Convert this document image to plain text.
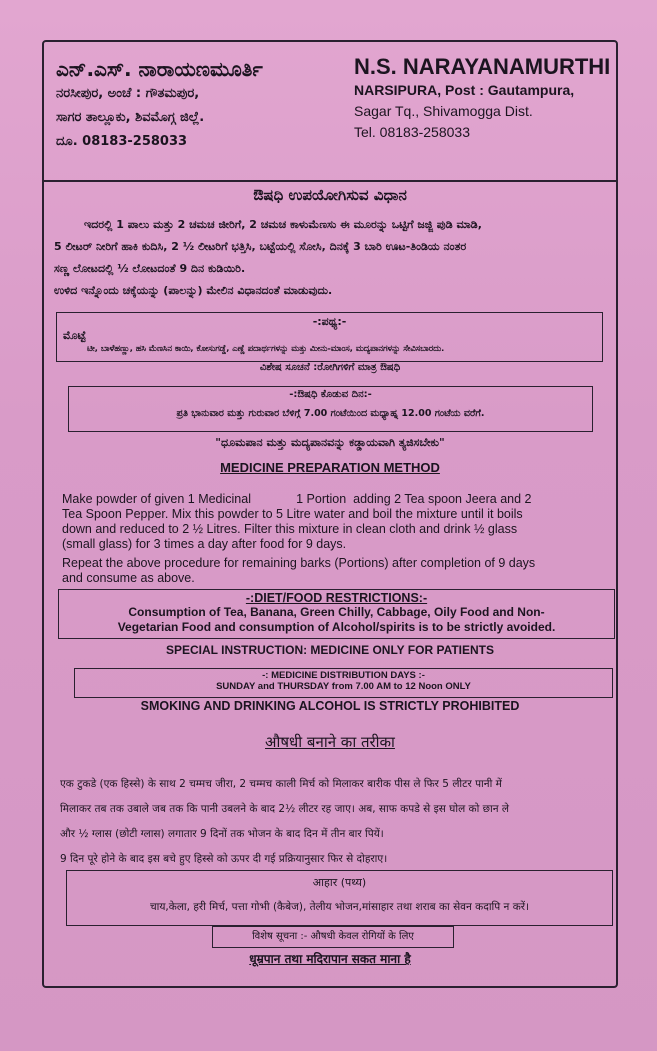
ಎನ್.ಎಸ್. ನಾರಾಯಣಮೂರ್ತಿ
ನರಸೀಪುರ, ಅಂಚೆ : ಗೌತಮಪುರ,
ಸಾಗರ ತಾಲ್ಲೂಕು, ಶಿವಮೊಗ್ಗ ಜಿಲ್ಲೆ.
ದೂ. 08183-258033
N.S. NARAYANAMURTHI
NARSIPURA, Post : Gautampura,
Sagar Tq., Shivamogga Dist.
Tel. 08183-258033
ಔಷಧಿ ಉಪಯೋಗಿಸುವ ವಿಧಾನ
ಇದರಲ್ಲಿ 1 ಪಾಲು ಮತ್ತು 2 ಚಮಚ ಜೀರಿಗೆ, 2 ಚಮಚ ಕಾಳುಮೆಣಸು ಈ ಮೂರನ್ನು ಒಟ್ಟಿಗೆ ಜಜ್ಜಿ ಪುಡಿ ಮಾಡಿ,
5 ಲೀಟರ್ ನೀರಿಗೆ ಹಾಕಿ ಕುದಿಸಿ, 2 ½ ಲೀಟರಿಗೆ ಭತ್ತಿಸಿ, ಬಟ್ಟೆಯಲ್ಲಿ ಸೋಸಿ, ದಿನಕ್ಕೆ 3 ಬಾರಿ ಊಟ-ತಿಂಡಿಯ ನಂತರ
ಸಣ್ಣ ಲೋಟದಲ್ಲಿ ½ ಲೋಟದಂತೆ 9 ದಿನ ಕುಡಿಯಿರಿ.
ಉಳಿದ ಇನ್ನೊಂದು ಚಕ್ಕೆಯನ್ನು (ಪಾಲನ್ನು) ಮೇಲಿನ ವಿಧಾನದಂತೆ ಮಾಡುವುದು.
-:ಪಥ್ಯ:-
ಮೊಟ್ಟೆ
ಟೀ, ಬಾಳೆಹಣ್ಣು, ಹಸಿ ಮೆಣಸಿನ ಕಾಯಿ, ಕೋಸುಗಡ್ಡೆ, ಎಣ್ಣೆ ಪದಾರ್ಥಗಳನ್ನು ಮತ್ತು ಮೀನು-ಮಾಂಸ, ಮದ್ಯಪಾನಗಳನ್ನು ಸೇವಿಸಬಾರದು.
ವಿಶೇಷ ಸೂಚನೆ :ರೋಗಿಗಳಿಗೆ ಮಾತ್ರ ಔಷಧಿ
-:ಔಷಧಿ ಕೊಡುವ ದಿನ:-
ಪ್ರತಿ ಭಾನುವಾರ ಮತ್ತು ಗುರುವಾರ ಬೆಳಿಗ್ಗೆ 7.00 ಗಂಟೆಯಿಂದ ಮಧ್ಯಾಹ್ನ 12.00 ಗಂಟೆಯ ವರೆಗೆ.
"ಧೂಮಪಾನ ಮತ್ತು ಮದ್ಯಪಾನವನ್ನು ಕಡ್ಡಾಯವಾಗಿ ತ್ಯಜಿಸಬೇಕು"
MEDICINE PREPARATION METHOD
Make powder of given 1 Medicinal             1 Portion  adding 2 Tea spoon Jeera and 2
Tea Spoon Pepper. Mix this powder to 5 Litre water and boil the mixture until it boils
down and reduced to 2 ½ Litres. Filter this mixture in clean cloth and drink ½ glass
(small glass) for 3 times a day after food for 9 days.
Repeat the above procedure for remaining barks (Portions) after completion of 9 days
and consume as above.
-:DIET/FOOD RESTRICTIONS:-
Consumption of Tea, Banana, Green Chilly, Cabbage, Oily Food and Non-
Vegetarian Food and consumption of Alcohol/spirits is to be strictly avoided.
SPECIAL INSTRUCTION: MEDICINE ONLY FOR PATIENTS
-: MEDICINE DISTRIBUTION DAYS :-
SUNDAY and THURSDAY from 7.00 AM to 12 Noon ONLY
SMOKING AND DRINKING ALCOHOL IS STRICTLY PROHIBITED
औषधी बनाने का तरीका
एक टुकडे (एक हिस्से) के साथ 2 चम्मच जीरा, 2 चम्मच काली मिर्च को मिलाकर बारीक पीस ले फिर 5 लीटर पानी में
मिलाकर तब तक उबाले जब तक कि पानी उबलने के बाद 2½ लीटर रह जाए। अब, साफ कपडे से इस घोल को छान ले
और ½ ग्लास (छोटी ग्लास) लगातार 9 दिनों तक भोजन के बाद दिन में तीन बार पियें।
9 दिन पूरे होने के बाद इस बचे हुए हिस्से को ऊपर दी गई प्रक्रियानुसार फिर से दोहराए।
आहार (पथ्य)
चाय,केला, हरी मिर्च, पत्ता गोभी (कैबेज), तेलीय भोजन,मांसाहार तथा शराब का सेवन कदापि न करें।
विशेष सूचना :- औषधी केवल रोगियों के लिए
धूम्रपान तथा मदिरापान सकत माना है
